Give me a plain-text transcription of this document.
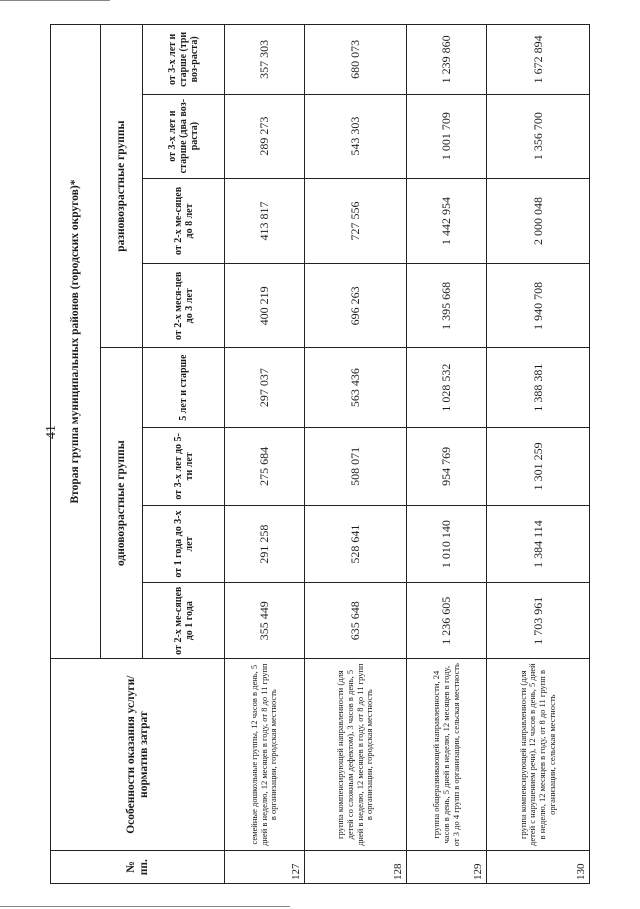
41
№ пп.	Особенности оказания услуги/норматив затрат	Вторая группа муниципальных районов (городских округов)*							
		одновозрастные группы				разновозрастные группы			
		от 2-х ме-сяцев до 1 года	от 1 года до 3-х лет	от 3-х лет до 5-ти лет	5 лет и старше	от 2-х меся-цев до 3 лет	от 2-х ме-сяцев до 8 лет	от 3-х лет и старше (два воз-раста)	от 3-х лет и старше (три воз-раста)
127	семейные дошкольные группы, 12 часов в день, 5 дней в неделю, 12 месяцев в году, от 8 до 11 групп в организации, городская местность	355 449	291 258	275 684	297 037	400 219	413 817	289 273	357 303
128	группа компенсирующей направленности (для детей со сложным дефектом), 3 часов в день, 5 дней в неделю, 12 месяцев в году, от 8 до 11 групп в организации, городская местность	635 648	528 641	508 071	563 436	696 263	727 556	543 303	680 073
129	группа общеразвивающей направленности, 24 часов в день, 5 дней в неделю, 12 месяцев в году, от 3 до 4 групп в организации, сельская местность	1 236 605	1 010 140	954 769	1 028 532	1 395 668	1 442 954	1 001 709	1 239 860
130	группа компенсирующей направленности (для детей с нарушением речи), 12 часов в день, 5 дней в неделю, 12 месяцев в году, от 8 до 11 групп в организации, сельская местность	1 703 961	1 384 114	1 301 259	1 388 381	1 940 708	2 000 048	1 356 700	1 672 894
